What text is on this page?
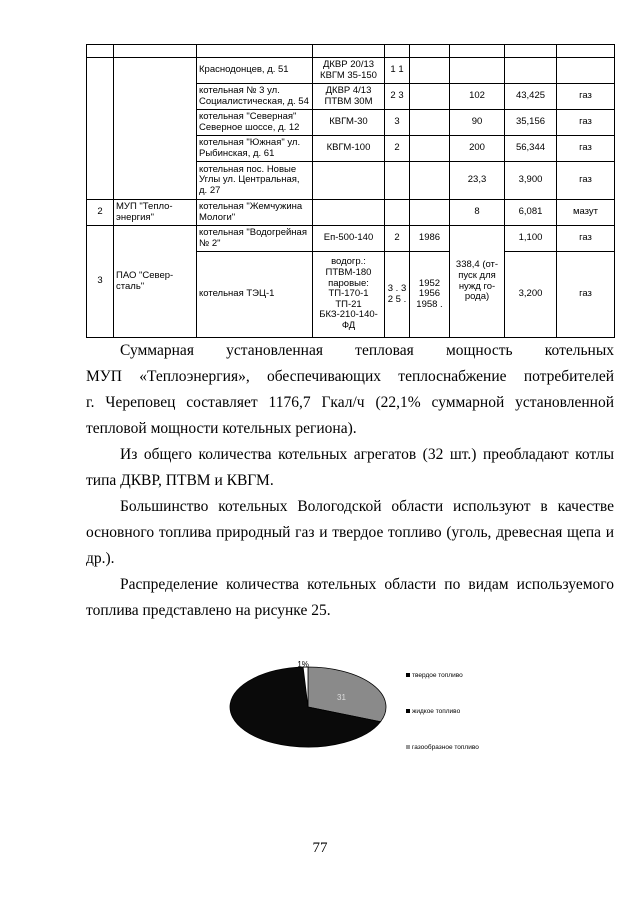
		Краснодонцев, д. 51	ДКВР 20/13 КВГМ 35-150	1 1				
		котельная № 3 ул. Социалистическая, д. 54	ДКВР 4/13 ПТВМ 30М	2 3		102	43,425	газ
		котельная "Северная" Северное шоссе, д. 12	КВГМ-30	3		90	35,156	газ
		котельная "Южная" ул. Рыбинская, д. 61	КВГМ-100	2		200	56,344	газ
		котельная пос. Новые Углы ул. Центральная, д. 27				23,3	3,900	газ
2	МУП "Тепло-энергия"	котельная "Жемчужина Мологи"				8	6,081	мазут
3	ПАО "Север-сталь"	котельная "Водогрейная № 2"	Еп-500-140	2	1986	338,4 (от-пуск для нужд го-рода)	1,100	газ
		котельная ТЭЦ-1	водогр.: ПТВМ-180 паровые: ТП-170-1 ТП-21 БКЗ-210-140-ФД	3 . 3 2 5 .	1952 1956 1958 .		3,200	газ

Суммарная установленная тепловая мощность котельных

МУП «Теплоэнергия», обеспечивающих теплоснабжение потребителей

г. Череповец составляет 1176,7 Гкал/ч (22,1% суммарной установленной тепловой мощности котельных региона).

Из общего количества котельных агрегатов (32 шт.) преобладают котлы типа ДКВР, ПТВМ и КВГМ.

Большинство котельных Вологодской области используют в качестве основного топлива природный газ и твердое топливо (уголь, древесная щепа и др.).

Распределение количества котельных области по видам используемого топлива представлено на рисунке 25.

31
1%
твердое топливо
жидкое топливо
газообразное топливо
77
